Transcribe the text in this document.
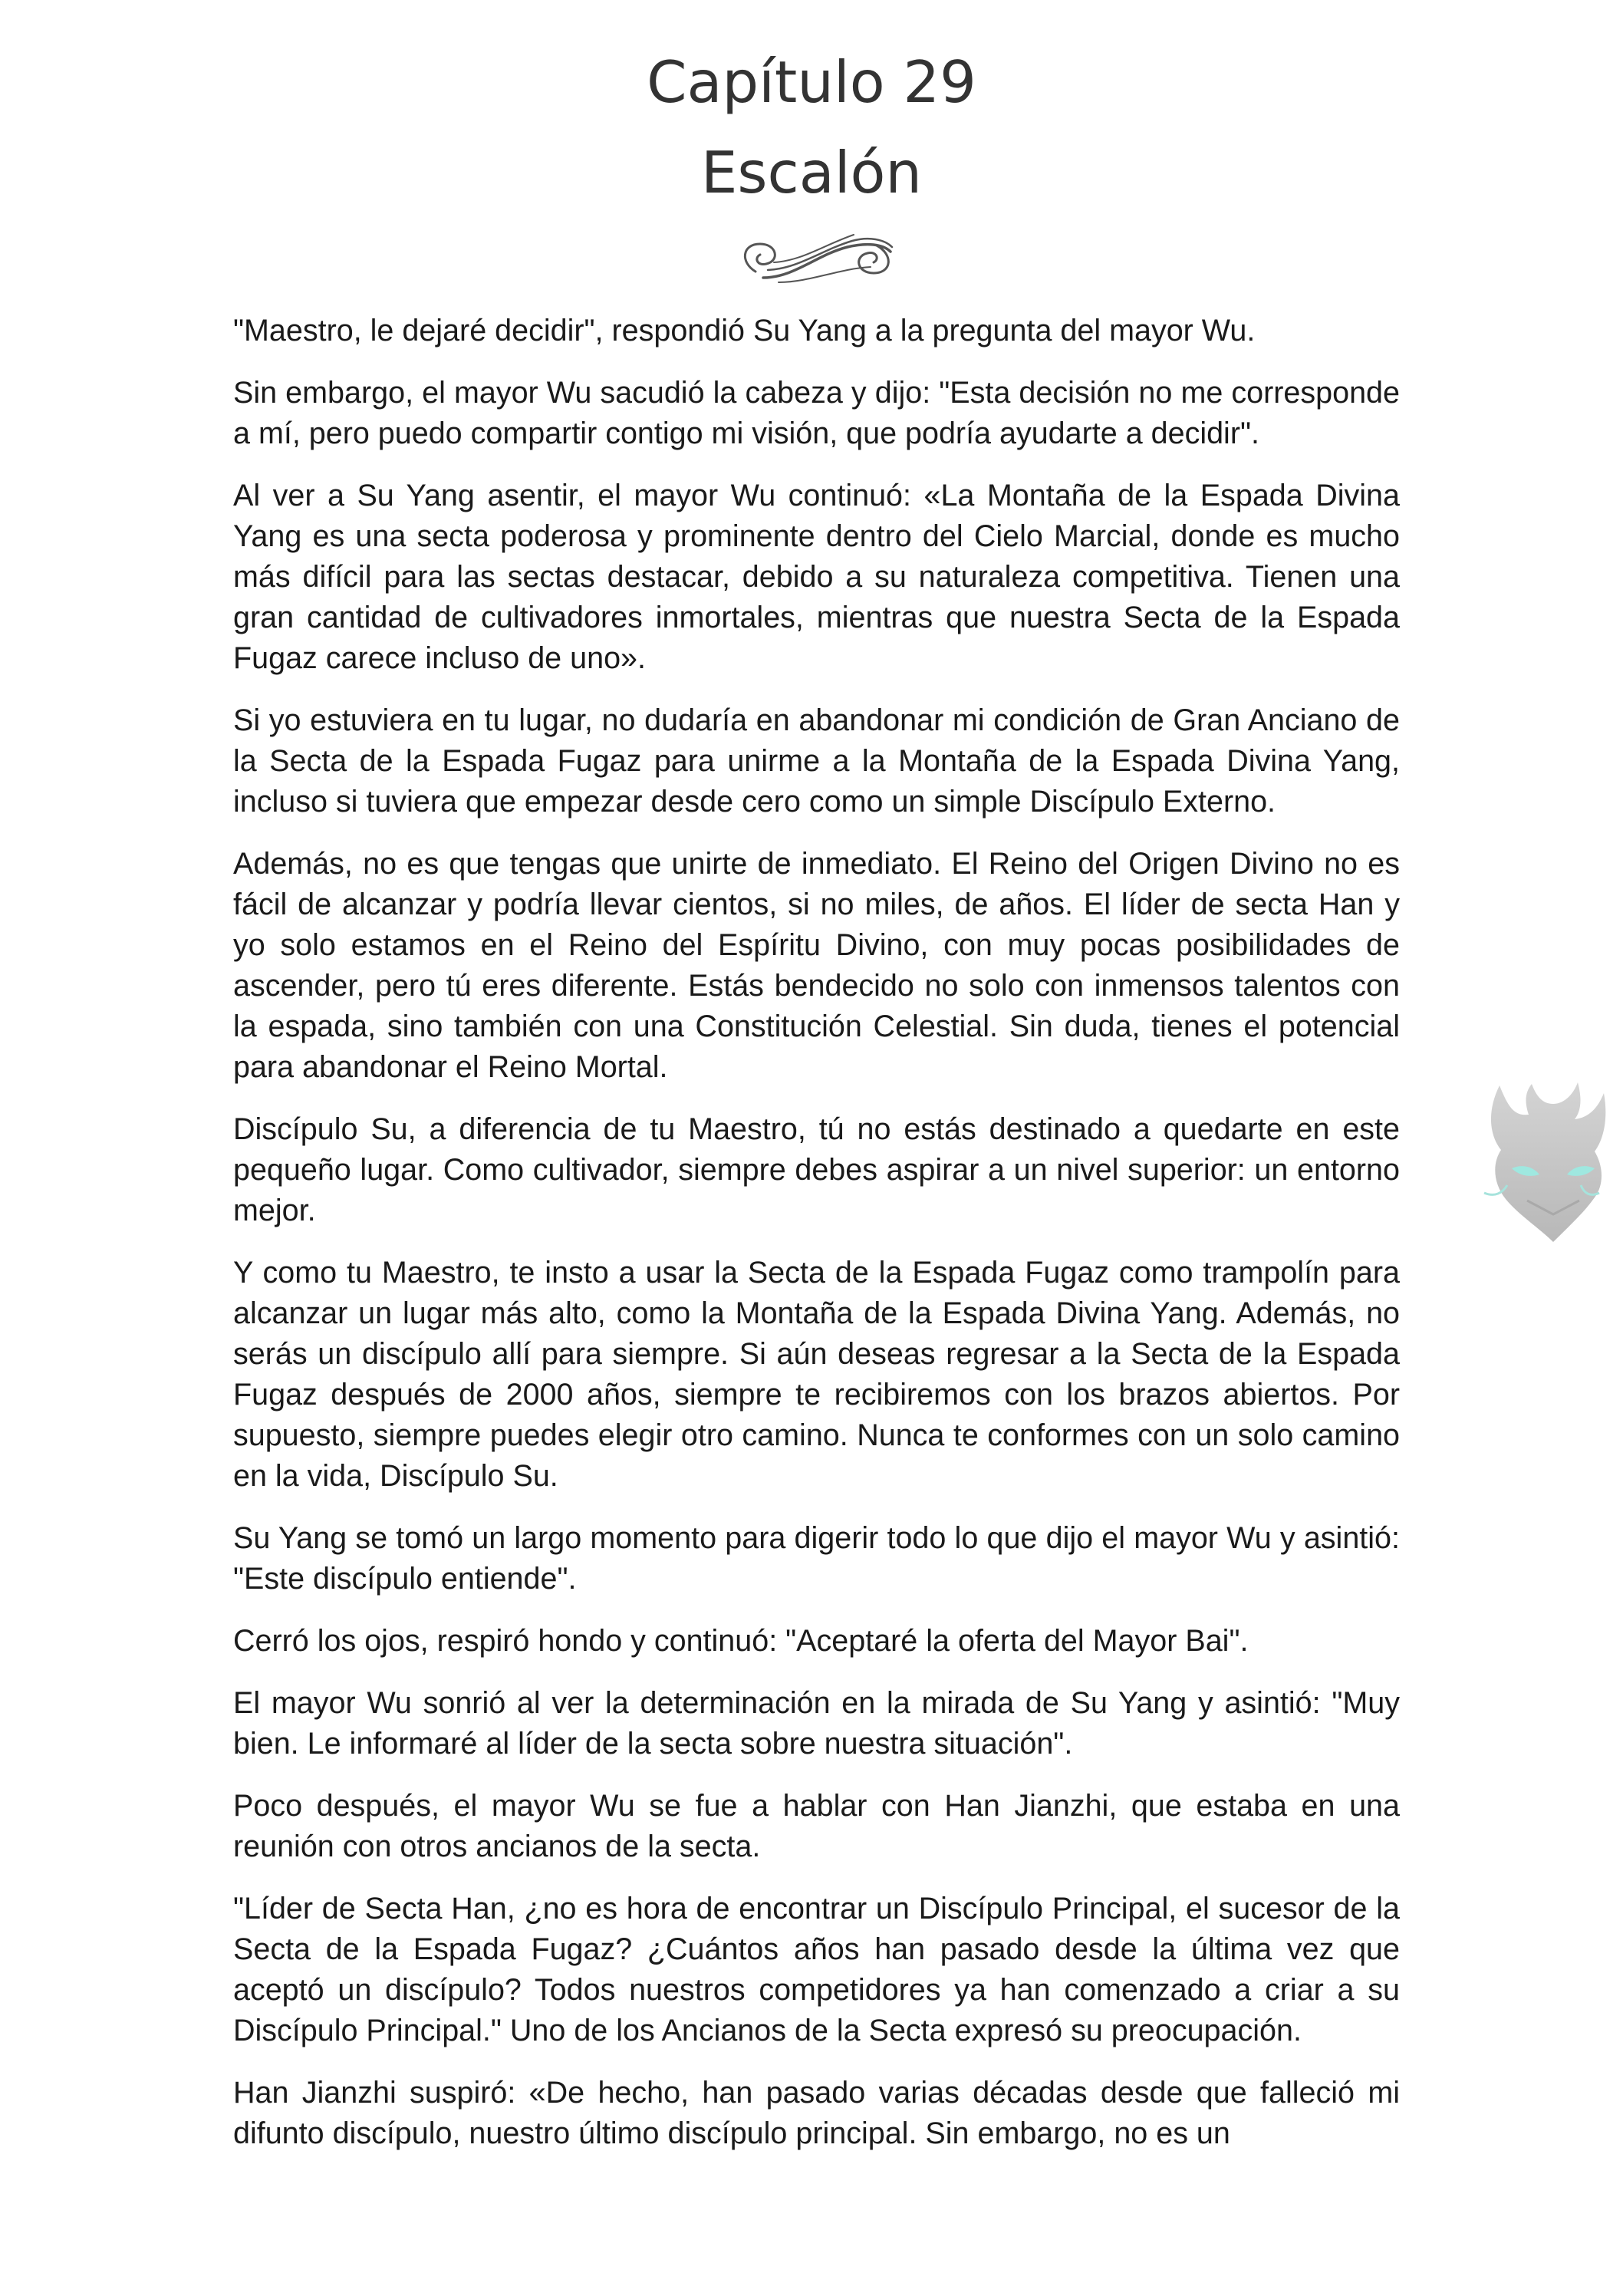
Capítulo 29
Escalón

"Maestro, le dejaré decidir", respondió Su Yang a la pregunta del mayor Wu.

Sin embargo, el mayor Wu sacudió la cabeza y dijo: "Esta decisión no me corresponde a mí, pero puedo compartir contigo mi visión, que podría ayudarte a decidir".

Al ver a Su Yang asentir, el mayor Wu continuó: «La Montaña de la Espada Divina Yang es una secta poderosa y prominente dentro del Cielo Marcial, donde es mucho más difícil para las sectas destacar, debido a su naturaleza competitiva. Tienen una gran cantidad de cultivadores inmortales, mientras que nuestra Secta de la Espada Fugaz carece incluso de uno».

Si yo estuviera en tu lugar, no dudaría en abandonar mi condición de Gran Anciano de la Secta de la Espada Fugaz para unirme a la Montaña de la Espada Divina Yang, incluso si tuviera que empezar desde cero como un simple Discípulo Externo.

Además, no es que tengas que unirte de inmediato. El Reino del Origen Divino no es fácil de alcanzar y podría llevar cientos, si no miles, de años. El líder de secta Han y yo solo estamos en el Reino del Espíritu Divino, con muy pocas posibilidades de ascender, pero tú eres diferente. Estás bendecido no solo con inmensos talentos con la espada, sino también con una Constitución Celestial. Sin duda, tienes el potencial para abandonar el Reino Mortal.

Discípulo Su, a diferencia de tu Maestro, tú no estás destinado a quedarte en este pequeño lugar. Como cultivador, siempre debes aspirar a un nivel superior: un entorno mejor.

Y como tu Maestro, te insto a usar la Secta de la Espada Fugaz como trampolín para alcanzar un lugar más alto, como la Montaña de la Espada Divina Yang. Además, no serás un discípulo allí para siempre. Si aún deseas regresar a la Secta de la Espada Fugaz después de 2000 años, siempre te recibiremos con los brazos abiertos. Por supuesto, siempre puedes elegir otro camino. Nunca te conformes con un solo camino en la vida, Discípulo Su.

Su Yang se tomó un largo momento para digerir todo lo que dijo el mayor Wu y asintió: "Este discípulo entiende".

Cerró los ojos, respiró hondo y continuó: "Aceptaré la oferta del Mayor Bai".

El mayor Wu sonrió al ver la determinación en la mirada de Su Yang y asintió: "Muy bien. Le informaré al líder de la secta sobre nuestra situación".

Poco después, el mayor Wu se fue a hablar con Han Jianzhi, que estaba en una reunión con otros ancianos de la secta.

"Líder de Secta Han, ¿no es hora de encontrar un Discípulo Principal, el sucesor de la Secta de la Espada Fugaz? ¿Cuántos años han pasado desde la última vez que aceptó un discípulo? Todos nuestros competidores ya han comenzado a criar a su Discípulo Principal." Uno de los Ancianos de la Secta expresó su preocupación.

Han Jianzhi suspiró: «De hecho, han pasado varias décadas desde que falleció mi difunto discípulo, nuestro último discípulo principal. Sin embargo, no es un
